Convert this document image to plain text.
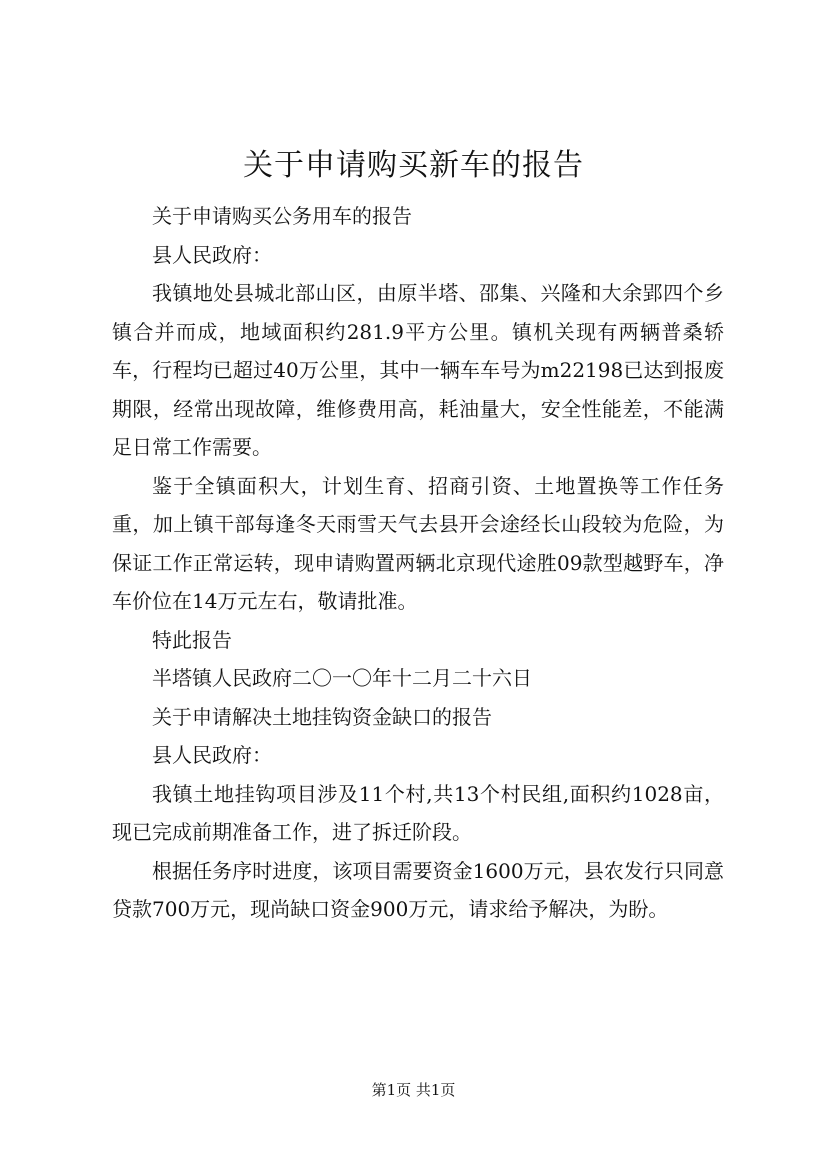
关于申请购买新车的报告

关于申请购买公务用车的报告

县人民政府：

我镇地处县城北部山区，由原半塔、邵集、兴隆和大余郢四个乡镇合并而成，地域面积约281.9平方公里。镇机关现有两辆普桑轿车，行程均已超过40万公里，其中一辆车车号为m22198已达到报废期限，经常出现故障，维修费用高，耗油量大，安全性能差，不能满足日常工作需要。

鉴于全镇面积大，计划生育、招商引资、土地置换等工作任务重，加上镇干部每逢冬天雨雪天气去县开会途经长山段较为危险，为保证工作正常运转，现申请购置两辆北京现代途胜09款型越野车，净车价位在14万元左右，敬请批准。

特此报告

半塔镇人民政府二〇一〇年十二月二十六日

关于申请解决土地挂钩资金缺口的报告

县人民政府：

我镇土地挂钩项目涉及11个村,共13个村民组,面积约1028亩，现已完成前期准备工作，进了拆迁阶段。

根据任务序时进度，该项目需要资金1600万元，县农发行只同意贷款700万元，现尚缺口资金900万元，请求给予解决，为盼。

第1页 共1页
